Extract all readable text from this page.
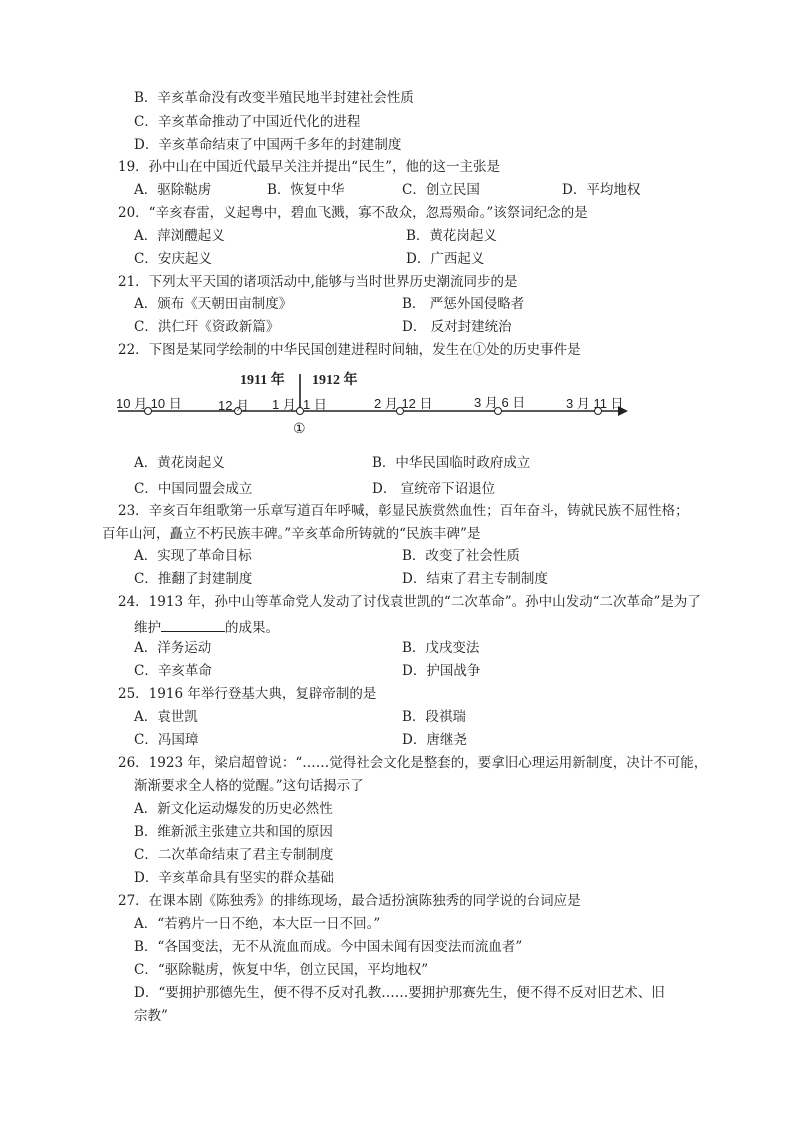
B．辛亥革命没有改变半殖民地半封建社会性质
C．辛亥革命推动了中国近代化的进程
D．辛亥革命结束了中国两千多年的封建制度
19．孙中山在中国近代最早关注并提出“民生”，他的这一主张是
A．驱除鞑虏	B．恢复中华	C．创立民国	D．平均地权
20．“辛亥春雷，义起粤中，碧血飞溅，寡不敌众，忽焉殒命。”该祭词纪念的是
A．萍浏醴起义	B．黄花岗起义
C．安庆起义	D．广西起义
21．下列太平天国的诸项活动中,能够与当时世界历史潮流同步的是
A．颁布《天朝田亩制度》	B． 严惩外国侵略者
C．洪仁玕《资政新篇》	D． 反对封建统治
22．下图是某同学绘制的中华民国创建进程时间轴，发生在①处的历史事件是
1911 年 1912 年
10 月 10 日	12 月 1 月 1 日	2 月 12 日	3 月 6 日	3 月 11 日
①
A．黄花岗起义	B．中华民国临时政府成立
C．中国同盟会成立	D． 宣统帝下诏退位
23．辛亥百年组歌第一乐章写道百年呼喊，彰显民族赏然血性；百年奋斗，铸就民族不屈性格；
百年山河，矗立不朽民族丰碑。”辛亥革命所铸就的“民族丰碑”是
A．实现了革命目标	B．改变了社会性质
C．推翻了封建制度	D．结束了君主专制制度
24．1913 年，孙中山等革命党人发动了讨伐袁世凯的“二次革命”。孙中山发动“二次革命”是为了
维护	的成果。
A．洋务运动	B．戊戌变法
C．辛亥革命	D．护国战争
25．1916 年举行登基大典，复辟帝制的是
A．袁世凯	B．段祺瑞
C．冯国璋	D．唐继尧
26．1923 年，梁启超曾说：“……觉得社会文化是整套的，要拿旧心理运用新制度，决计不可能，
渐渐要求全人格的觉醒。”这句话揭示了
A．新文化运动爆发的历史必然性
B．维新派主张建立共和国的原因
C．二次革命结束了君主专制制度
D．辛亥革命具有坚实的群众基础
27．在课本剧《陈独秀》的排练现场，最合适扮演陈独秀的同学说的台词应是
A．“若鸦片一日不绝，本大臣一日不回。”
B．“各国变法，无不从流血而成。今中国未闻有因变法而流血者”
C．“驱除鞑虏，恢复中华，创立民国，平均地权”
D．“要拥护那德先生，便不得不反对孔教……要拥护那赛先生，便不得不反对旧艺术、旧
宗教”
